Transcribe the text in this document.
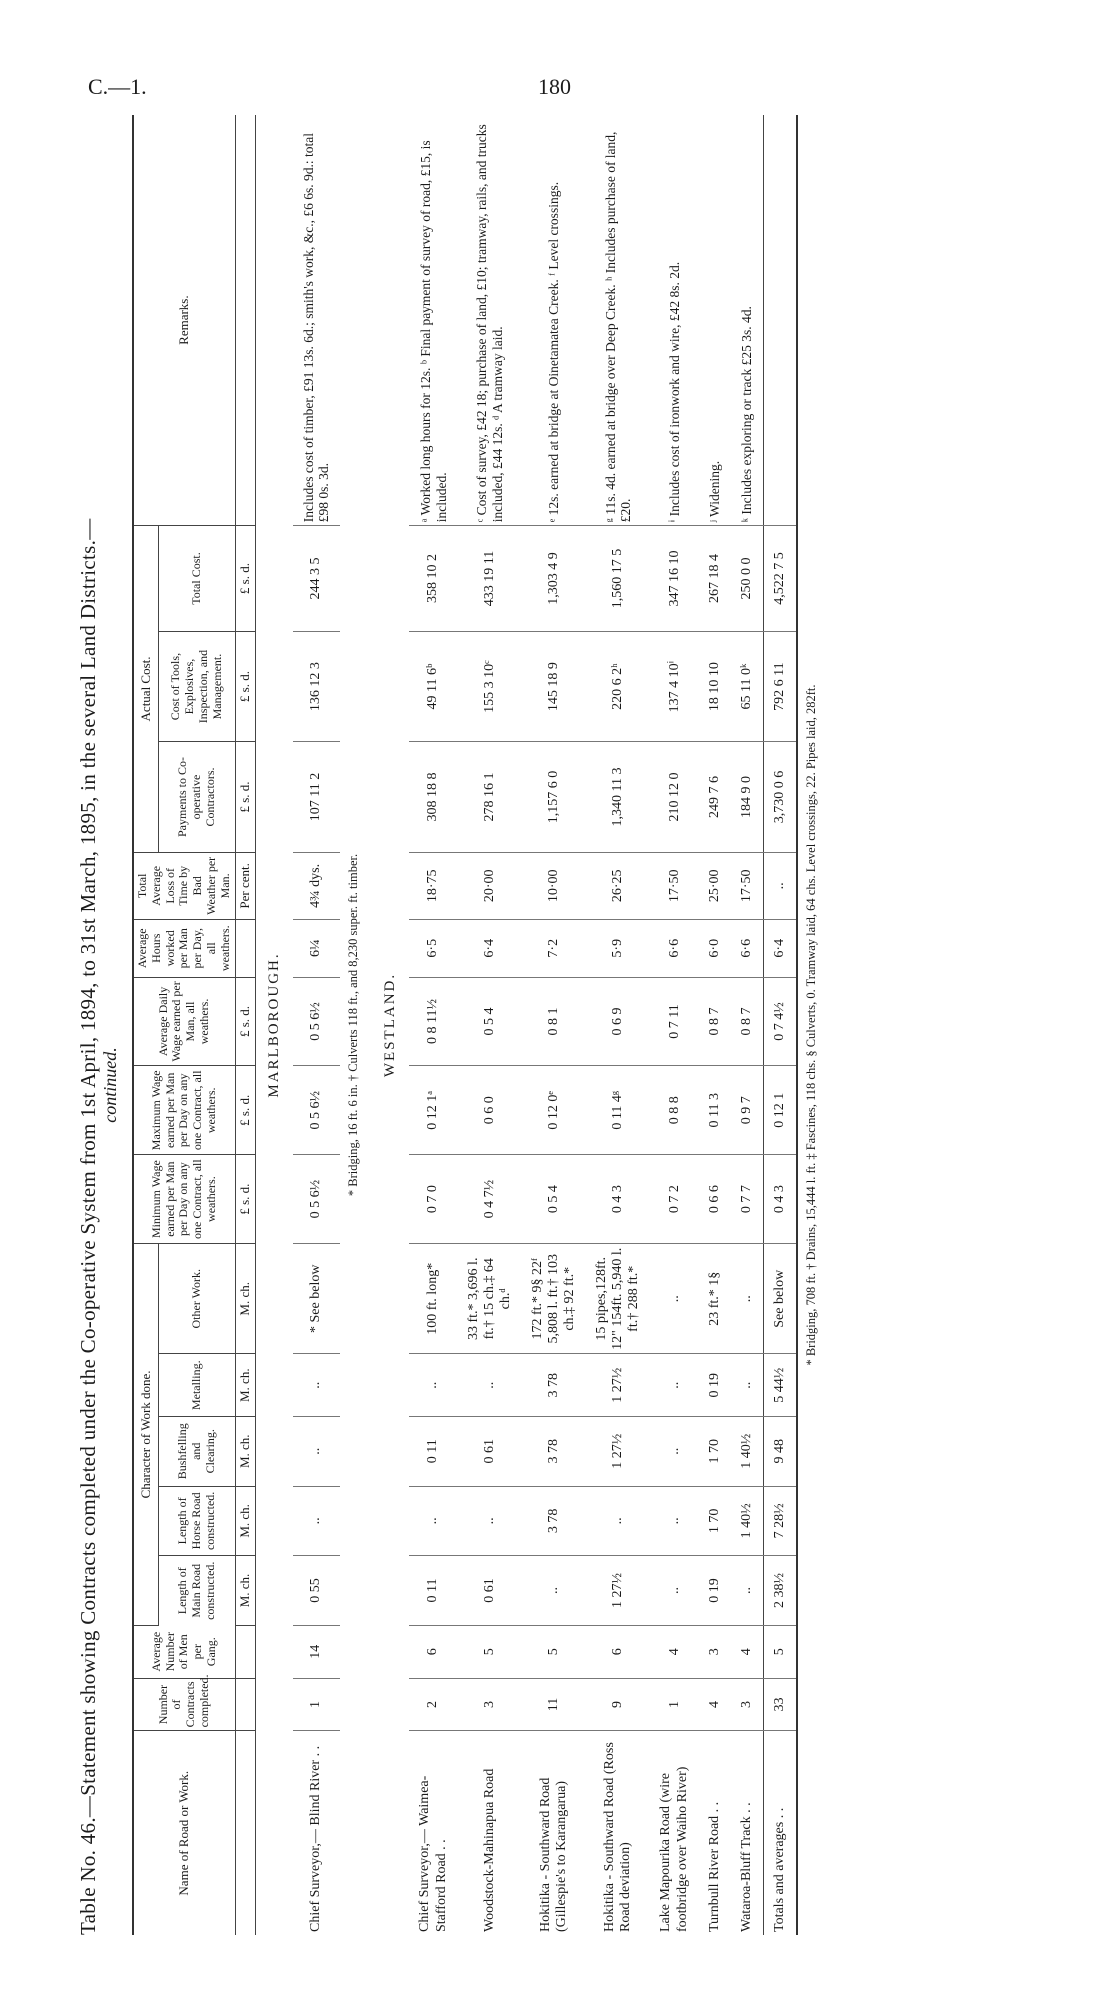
C.—1.	180
Table No. 46.—Statement showing Contracts completed under the Co-operative System from 1st April, 1894, to 31st March, 1895, in the several Land Districts.— continued.
Name of Road or Work.	Number of Contracts completed.	Average Number of Men per Gang.	Character of Work done.					Minimum Wage earned per Man per Day on any one Contract, all weathers.	Maximum Wage earned per Man per Day on any one Contract, all weathers.	Average Daily Wage earned per Man, all weathers.	Average Hours worked per Man per Day, all weathers.	Total Average Loss of Time by Bad Weather per Man.	Actual Cost.			Remarks.
			Length of Main Road constructed.	Length of Horse Road constructed.	Bushfelling and Clearing.	Metalling.	Other Work.						Payments to Co-operative Contractors.	Cost of Tools, Explosives, Inspection, and Management.	Total Cost.	
			M. ch.	M. ch.	M. ch.	M. ch.	M. ch.	£ s. d.	£ s. d.	£ s. d.		Per cent.	£ s. d.	£ s. d.	£ s. d.	
MARLBOROUGH.																
Chief Surveyor,— Blind River . .	1	14	0 55	..	..	..	* See below	0 5 6½	0 5 6½	0 5 6½	6¼	4¾ dys.	107 11 2	136 12 3	244 3 5	Includes cost of timber, £91 13s. 6d.; smith's work, &c., £6 6s. 9d.: total £98 0s. 3d.
* Bridging, 16 ft. 6 in. † Culverts 118 ft., and 8,230 super. ft. timber.																
WESTLAND.																
Chief Surveyor,— Waimea-Stafford Road . .	2	6	0 11	..	0 11	..	100 ft. long*	0 7 0	0 12 1ᵃ	0 8 11½	6·5	18·75	308 18 8	49 11 6ᵇ	358 10 2	ᵃ Worked long hours for 12s. ᵇ Final payment of survey of road, £15, is included.
Woodstock-Mahinapua Road	3	5	0 61	..	0 61	..	33 ft.* 3,696 l. ft.† 15 ch.‡ 64 ch.ᵈ	0 4 7½	0 6 0	0 5 4	6·4	20·00	278 16 1	155 3 10ᶜ	433 19 11	ᶜ Cost of survey, £42 18; purchase of land, £10; tramway, rails, and trucks included, £44 12s. ᵈ A tramway laid.
Hokitika - Southward Road (Gillespie's to Karangarua)	11	5	..	3 78	3 78	3 78	172 ft.* 9§ 22ᶠ 5,808 l. ft.† 103 ch.‡ 92 ft.*	0 5 4	0 12 0ᵉ	0 8 1	7·2	10·00	1,157 6 0	145 18 9	1,303 4 9	ᵉ 12s. earned at bridge at Oinetamatea Creek. ᶠ Level crossings.
Hokitika - Southward Road (Ross Road deviation)	9	6	1 27½	..	1 27½	1 27½	15 pipes,128ft. 12" 154ft. 5,940 l. ft.† 288 ft.*	0 4 3	0 11 4ᵍ	0 6 9	5·9	26·25	1,340 11 3	220 6 2ʰ	1,560 17 5	ᵍ 11s. 4d. earned at bridge over Deep Creek. ʰ Includes purchase of land, £20.
Lake Mapourika Road (wire footbridge over Waiho River)	1	4	..	..	..	..	..	0 7 2	0 8 8	0 7 11	6·6	17·50	210 12 0	137 4 10ⁱ	347 16 10	ⁱ Includes cost of ironwork and wire, £42 8s. 2d.
Turnbull River Road . .	4	3	0 19	1 70	1 70	0 19	23 ft.* 1§	0 6 6	0 11 3	0 8 7	6·0	25·00	249 7 6	18 10 10	267 18 4	ʲ Widening.
Wataroa-Bluff Track . .	3	4	..	1 40½	1 40½	..	..	0 7 7	0 9 7	0 8 7	6·6	17·50	184 9 0	65 11 0ᵏ	250 0 0	ᵏ Includes exploring or track £25 3s. 4d.
Totals and averages . .	33	5	2 38½	7 28½	9 48	5 44½	See below	0 4 3	0 12 1	0 7 4½	6·4	..	3,730 0 6	792 6 11	4,522 7 5	
* Bridging, 708 ft. † Drains, 15,444 l. ft. ‡ Fascines, 118 chs. § Culverts, 0. Tramway laid, 64 chs. Level crossings, 22. Pipes laid, 282ft.																
